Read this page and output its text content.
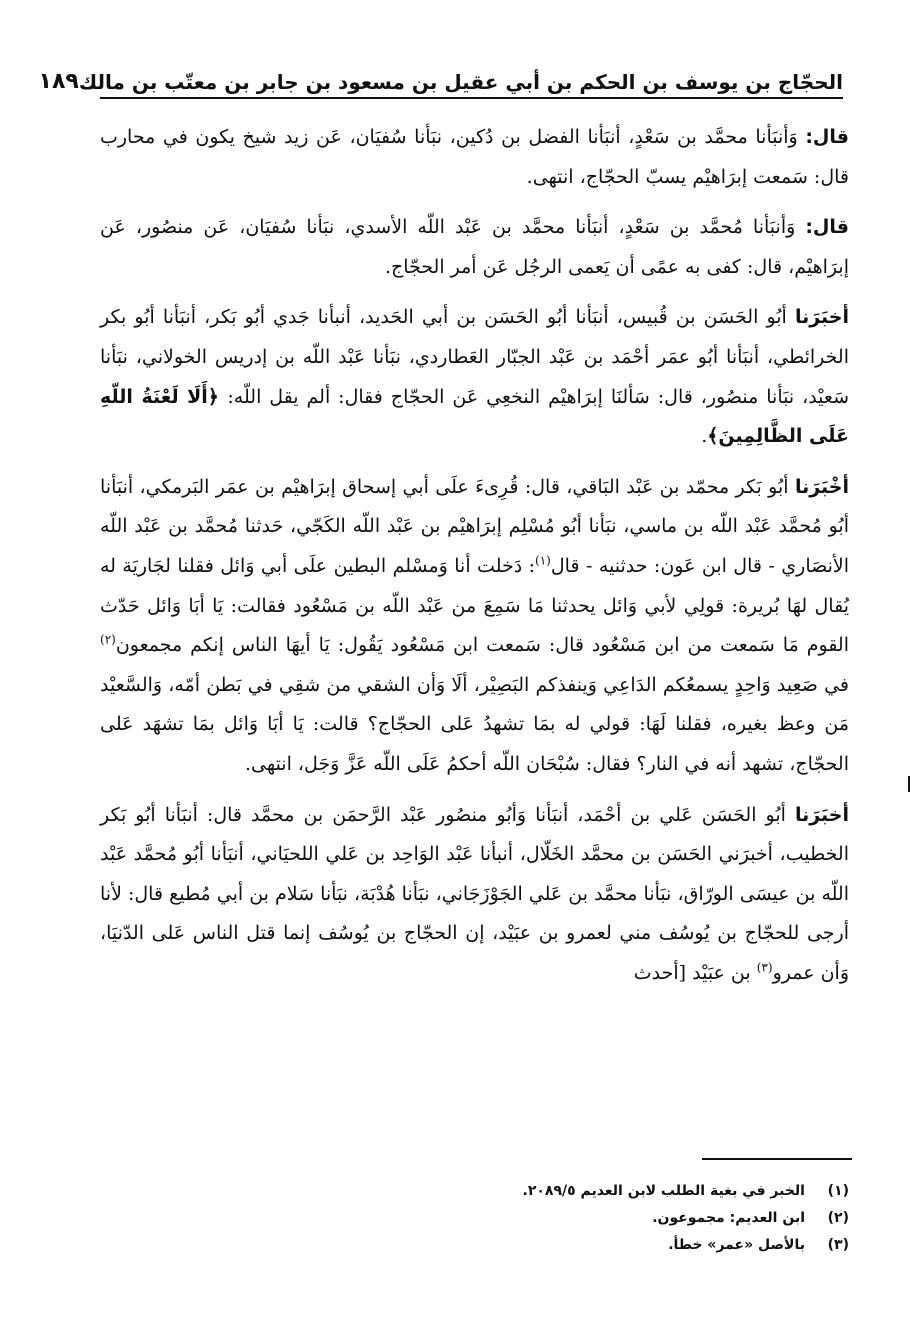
الحجّاج بن يوسف بن الحكم بن أبي عقيل بن مسعود بن جابر بن معتّب بن مالك
١٨٩

قال: وَأنبَأنا محمَّد بن سَعْدٍ، أنبَأنا الفضل بن دُكين، نبَأنا سُفيَان، عَن زيد شيخ يكون في محارب قال: سَمعت إبرَاهيْم يسبّ الحجّاج، انتهى.

قال: وَأنبَأنا مُحمَّد بن سَعْدٍ، أنبَأنا محمَّد بن عَبْد اللّه الأسدي، نبَأنا سُفيَان، عَن منصُور، عَن إبرَاهيْم، قال: كفى به عمًى أن يَعمى الرجُل عَن أمر الحجّاج.

أخبَرَنا أبُو الحَسَن بن قُبيس، أنبَأنا أبُو الحَسَن بن أبي الحَديد، أنبأنا جَدي أبُو بَكر، أنبَأنا أبُو بكر الخرائطي، أنبَأنا أبُو عمَر أحْمَد بن عَبْد الجبّار العَطاردي، نبَأنا عَبْد اللّه بن إدريس الخولاني، نبَأنا سَعيْد، نبَأنا منصُور، قال: سَألنَا إبرَاهيْم النخعِي عَن الحجّاج فقال: ألم يقل اللّه: ﴿أَلَا لَعْنَةُ اللّهِ عَلَى الظَّالِمِينَ﴾.

أخْبَرَنا أبُو بَكر محمّد بن عَبْد البَاقي، قال: قُرِىءَ علَى أبي إسحاق إبرَاهيْم بن عمَر البَرمكي، أنبَأنا أبُو مُحمَّد عَبْد اللّه بن ماسي، نبَأنا أبُو مُسْلِم إبرَاهيْم بن عَبْد اللّه الكَجّي، حَدثنا مُحمَّد بن عَبْد اللّه الأنصَاري - قال ابن عَون: حدثنيه - قال$^{(١)}$: دَخلت أنا وَمسْلم البطين علَى أبي وَائل فقلنا لجَاريَة له يُقال لهَا بُريرة: قولِي لأبي وَائل يحدثنا مَا سَمِعَ من عَبْد اللّه بن مَسْعُود فقالت: يَا أبَا وَائل حَدّث القوم مَا سَمعت من ابن مَسْعُود قال: سَمعت ابن مَسْعُود يَقُول: يَا أيهَا الناس إنكم مجمعون$^{(٢)}$ في صَعِيد وَاحِدٍ يسمعُكم الدَاعِي وَينفذكم البَصِيْر، ألَا وَأن الشقي من شقِي في بَطن أمّه، وَالسَّعيْد مَن وعظ بغيره، فقلنا لَهَا: قولي له بمَا تشهدُ عَلى الحجّاج؟ قالت: يَا أبَا وَائل بمَا تشهَد عَلى الحجّاج، تشهد أنه في النار؟ فقال: سُبْحَان اللّه أحكمُ عَلَى اللّه عَزَّ وَجَل، انتهى.

أخبَرَنا أبُو الحَسَن عَلي بن أحْمَد، أنبَأنا وَأبُو منصُور عَبْد الرَّحمَن بن محمَّد قال: أنبَأنا أبُو بَكر الخطيب، أخبرَني الحَسَن بن محمَّد الخَلّال، أنبأنا عَبْد الوَاحِد بن عَلي اللحيَاني، أنبَأنا أبُو مُحمَّد عَبْد اللّه بن عيسَى الورّاق، نبَأنا محمَّد بن عَلي الجَوْزَجَاني، نبَأنا هُدْبَة، نبَأنا سَلام بن أبي مُطيع قال: لأنا أرجى للحجّاج بن يُوسُف مني لعمرو بن عبَيْد، إن الحجّاج بن يُوسُف إنما قتل الناس عَلى الدّنيَا، وَأن عمرو$^{(٣)}$ بن عبَيْد [أحدث

(١)
الخبر في بغية الطلب لابن العديم ٢٠٨٩/٥.
(٢)
ابن العديم: مجموعون.
(٣)
بالأصل «عمر» خطأ.
